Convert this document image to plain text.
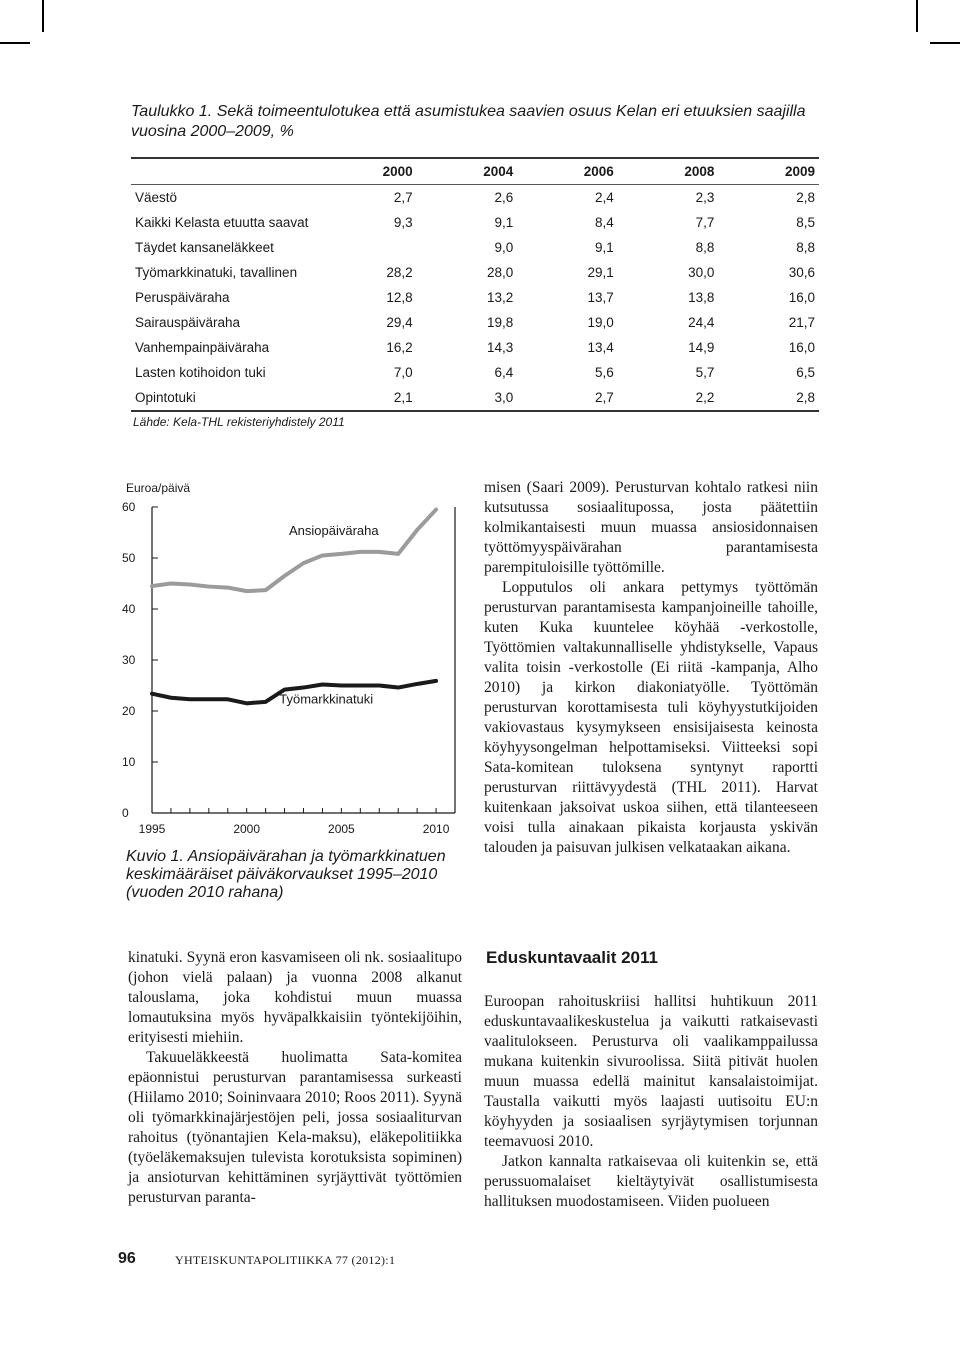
Taulukko 1. Sekä toimeentulotukea että asumistukea saavien osuus Kelan eri etuuksien saajilla vuosina 2000–2009, %

	2000	2004	2006	2008	2009
Väestö	2,7	2,6	2,4	2,3	2,8
Kaikki Kelasta etuutta saavat	9,3	9,1	8,4	7,7	8,5
Täydet kansaneläkkeet		9,0	9,1	8,8	8,8
Työmarkkinatuki, tavallinen	28,2	28,0	29,1	30,0	30,6
Peruspäiväraha	12,8	13,2	13,7	13,8	16,0
Sairauspäiväraha	29,4	19,8	19,0	24,4	21,7
Vanhempainpäiväraha	16,2	14,3	13,4	14,9	16,0
Lasten kotihoidon tuki	7,0	6,4	5,6	5,7	6,5
Opintotuki	2,1	3,0	2,7	2,2	2,8
Lähde: Kela-THL rekisteriyhdistely 2011
Euroa/päivä
0
10
20
30
40
50
60
1995	2000	2005	2010
Ansiopäiväraha
Työmarkkinatuki

Kuvio 1. Ansiopäivärahan ja työmarkkinatuen keskimääräiset päiväkorvaukset 1995–2010 (vuoden 2010 rahana)

misen (Saari 2009). Perusturvan kohtalo ratkesi niin kutsutussa sosiaalitupossa, josta päätettiin kolmikantaisesti muun muassa ansiosidonnaisen työttömyyspäivärahan parantamisesta parempituloisille työttömille.

Lopputulos oli ankara pettymys työttömän perusturvan parantamisesta kampanjoineille tahoille, kuten Kuka kuuntelee köyhää -verkostolle, Työttömien valtakunnalliselle yhdistykselle, Vapaus valita toisin -verkostolle (Ei riitä -kampanja, Alho 2010) ja kirkon diakoniatyölle. Työttömän perusturvan korottamisesta tuli köyhyystutkijoiden vakiovastaus kysymykseen ensisijaisesta keinosta köyhyysongelman helpottamiseksi. Viitteeksi sopi Sata-komitean tuloksena syntynyt raportti perusturvan riittävyydestä (THL 2011). Harvat kuitenkaan jaksoivat uskoa siihen, että tilanteeseen voisi tulla ainakaan pikaista korjausta yskivän talouden ja paisuvan julkisen velkataakan aikana.

kinatuki. Syynä eron kasvamiseen oli nk. sosiaalitupo (johon vielä palaan) ja vuonna 2008 alkanut talouslama, joka kohdistui muun muassa lomautuksina myös hyväpalkkaisiin työntekijöihin, erityisesti miehiin.

Takuueläkkeestä huolimatta Sata-komitea epäonnistui perusturvan parantamisessa surkeasti (Hiilamo 2010; Soininvaara 2010; Roos 2011). Syynä oli työmarkkinajärjestöjen peli, jossa sosiaaliturvan rahoitus (työnantajien Kela-maksu), eläkepolitiikka (työeläkemaksujen tulevista korotuksista sopiminen) ja ansioturvan kehittäminen syrjäyttivät työttömien perusturvan paranta-

Eduskuntavaalit 2011

Euroopan rahoituskriisi hallitsi huhtikuun 2011 eduskuntavaalikeskustelua ja vaikutti ratkaisevasti vaalitulokseen. Perusturva oli vaalikamppailussa mukana kuitenkin sivuroolissa. Siitä pitivät huolen muun muassa edellä mainitut kansalaistoimijat. Taustalla vaikutti myös laajasti uutisoitu EU:n köyhyyden ja sosiaalisen syrjäytymisen torjunnan teemavuosi 2010.

Jatkon kannalta ratkaisevaa oli kuitenkin se, että perussuomalaiset kieltäytyivät osallistumisesta hallituksen muodostamiseen. Viiden puolueen

96	YHTEISKUNTAPOLITIIKKA 77 (2012):1
